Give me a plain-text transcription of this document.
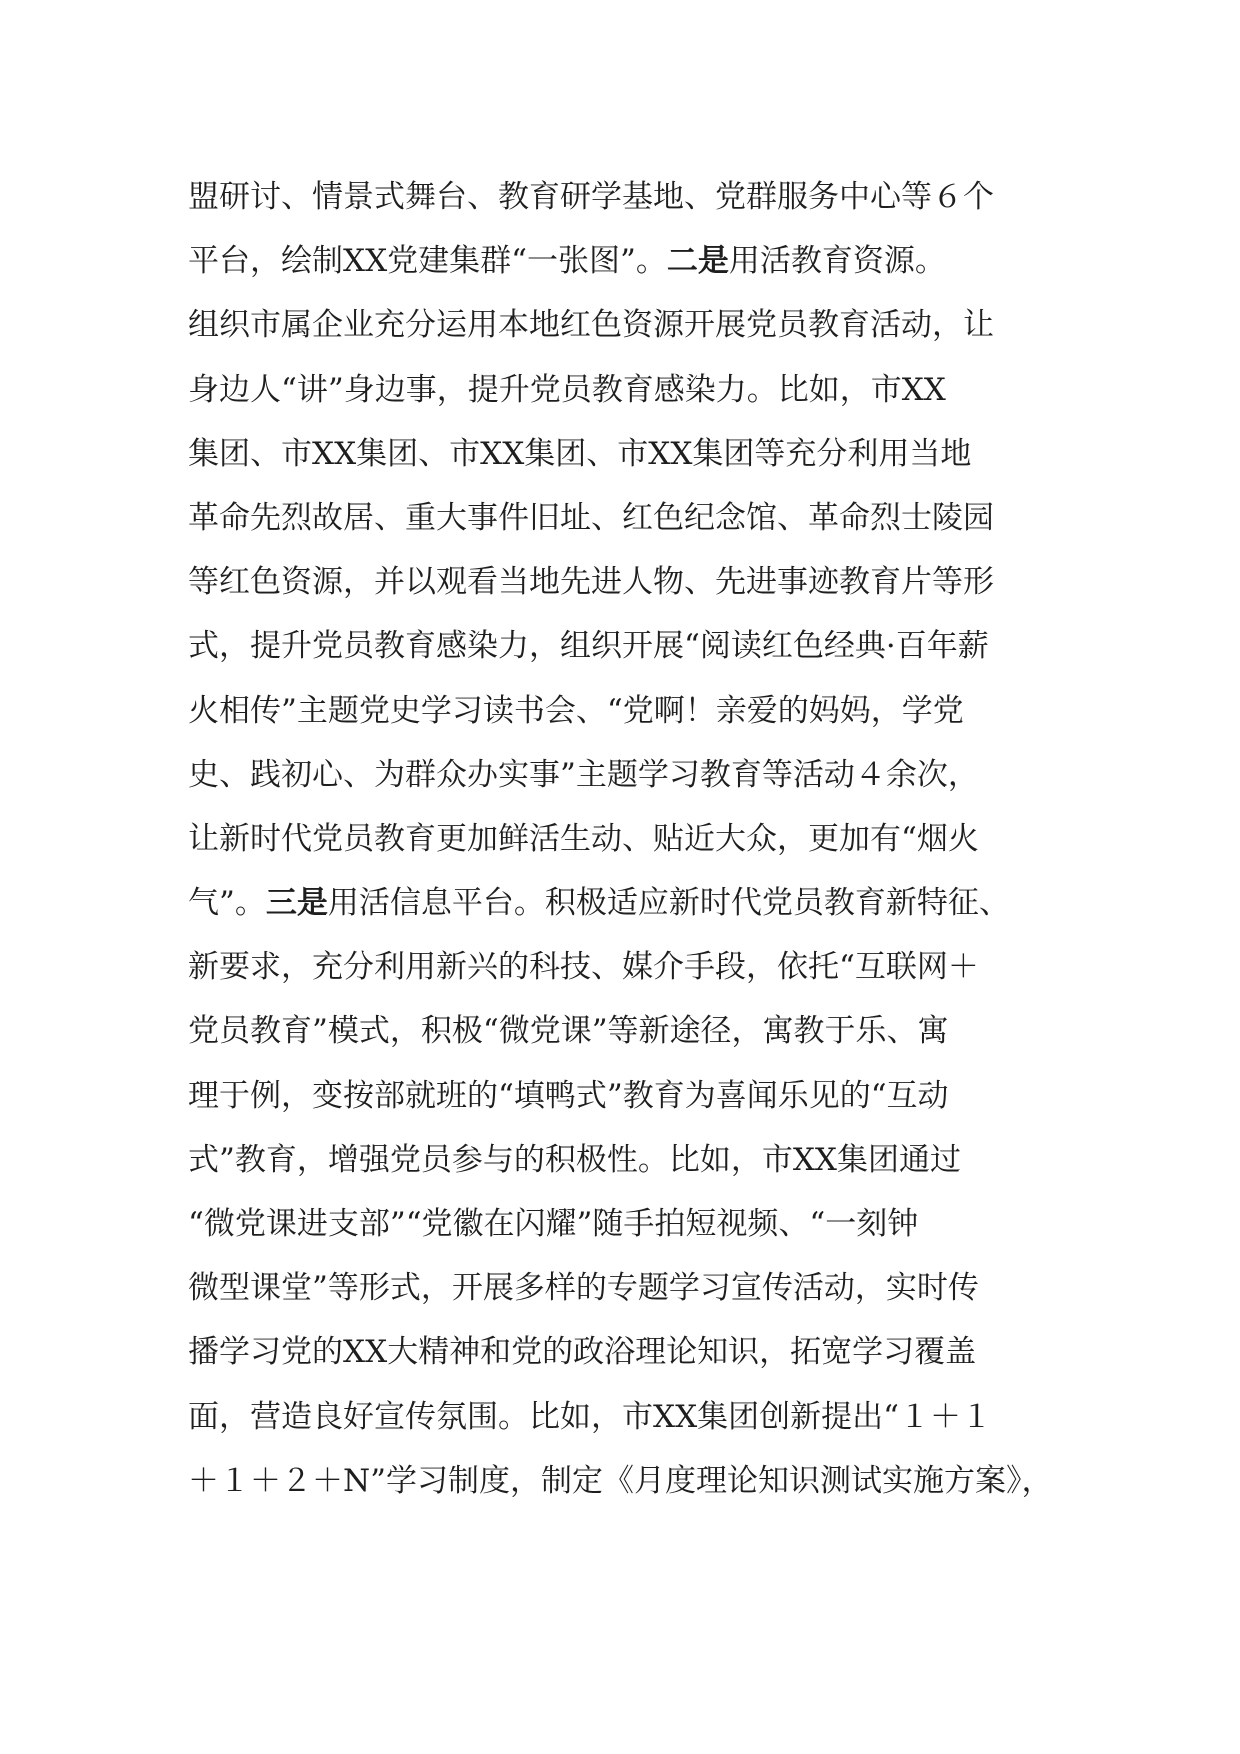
盟研讨、情景式舞台、教育研学基地、党群服务中心等６个
平台，绘制XX党建集群“一张图”。二是用活教育资源。
组织市属企业充分运用本地红色资源开展党员教育活动，让
身边人“讲”身边事，提升党员教育感染力。比如，市XX
集团、市XX集团、市XX集团、市XX集团等充分利用当地
革命先烈故居、重大事件旧址、红色纪念馆、革命烈士陵园
等红色资源，并以观看当地先进人物、先进事迹教育片等形
式，提升党员教育感染力，组织开展“阅读红色经典·百年薪
火相传”主题党史学习读书会、“党啊！亲爱的妈妈，学党
史、践初心、为群众办实事”主题学习教育等活动４余次，
让新时代党员教育更加鲜活生动、贴近大众，更加有“烟火
气”。三是用活信息平台。积极适应新时代党员教育新特征、
新要求，充分利用新兴的科技、媒介手段，依托“互联网＋
党员教育”模式，积极“微党课”等新途径，寓教于乐、寓
理于例，变按部就班的“填鸭式”教育为喜闻乐见的“互动
式”教育，增强党员参与的积极性。比如，市XX集团通过
“微党课进支部”“党徽在闪耀”随手拍短视频、“一刻钟
微型课堂”等形式，开展多样的专题学习宣传活动，实时传
播学习党的XX大精神和党的政浴理论知识，拓宽学习覆盖
面，营造良好宣传氛围。比如，市XX集团创新提出“１＋１
＋１＋２＋N”学习制度，制定《月度理论知识测试实施方案》，
